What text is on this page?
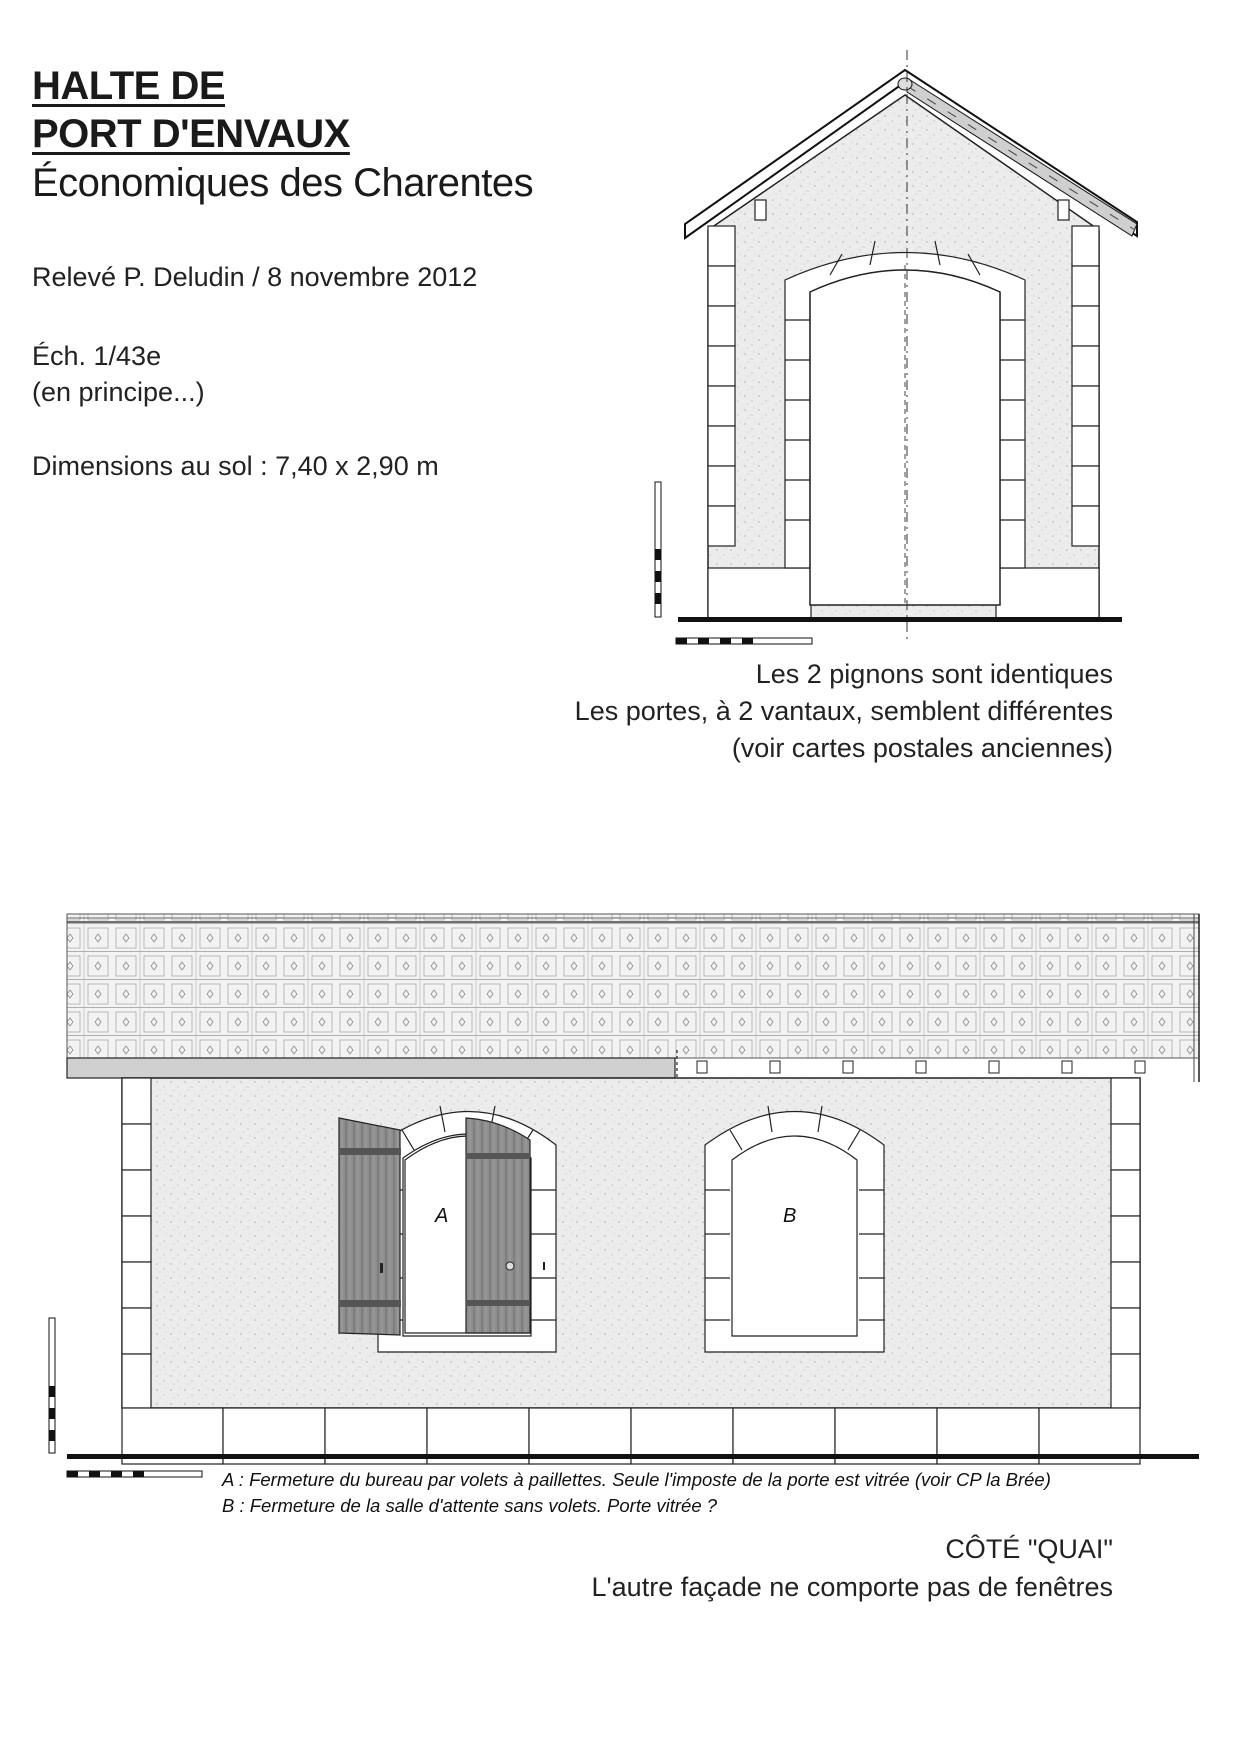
HALTE DE
PORT D'ENVAUX
Économiques des Charentes
Relevé P. Deludin / 8 novembre 2012
Éch. 1/43e
(en principe...)
Dimensions au sol : 7,40 x 2,90 m
Les 2 pignons sont identiques
Les portes, à 2 vantaux, semblent différentes
(voir cartes postales anciennes)
A : Fermeture du bureau par volets à paillettes. Seule l'imposte de la porte est vitrée (voir CP la Brée)
B : Fermeture de la salle d'attente sans volets. Porte vitrée ?
CÔTÉ "QUAI"
L'autre façade ne comporte pas de fenêtres
A	B
